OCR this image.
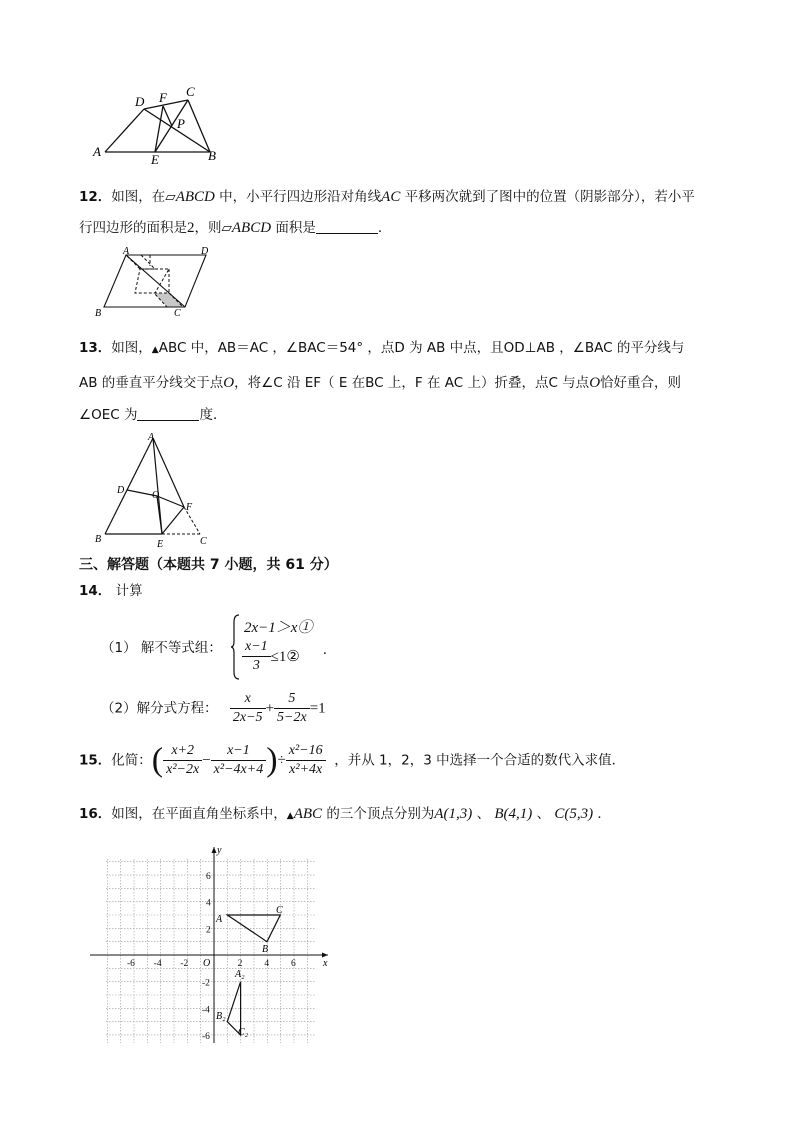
A	B
C
D
E
F
P
12．如图，在▱ABCD 中，小平行四边形沿对角线AC 平移两次就到了图中的位置（阴影部分），若小平
行四边形的面积是2，则▱ABCD 面积是	．
A	D
B	C
13．如图，▲ABC 中，AB＝AC ，∠BAC＝54° ，点D 为 AB 中点，且OD⊥AB ，∠BAC 的平分线与
AB 的垂直平分线交于点O，将∠C 沿 EF（ E 在BC 上，F 在 AC 上）折叠，点C 与点O恰好重合，则
∠OEC 为	度．
A
D	O
F
B	E	C
三、解答题（本题共 7 小题，共 61 分）
14． 计算
（1） 解不等式组：
2x−1＞x①
$\frac{x-1}{3}$ ≤1② .
（2）解分式方程： $\frac{x}{2x-5} + \frac{5}{5-2x} =1$
15．化简：( $\frac{x+2}{\text{x²−2x}} - \frac{x-1}{\text{x²−4x+4}}$ )÷ $\frac{\text{x²−16}}{\text{x²+4x}}$ ，并从 1，2，3 中选择一个合适的数代入求值．
16．如图，在平面直角坐标系中，▲ABC 的三个顶点分别为A(1,3) 、 B(4,1) 、 C(5,3) ．
-6 -4 -2	2 4 6
6
4
2
-2
-4
-6
x
y
O
A
B
C
A₂
B₂
C₂
